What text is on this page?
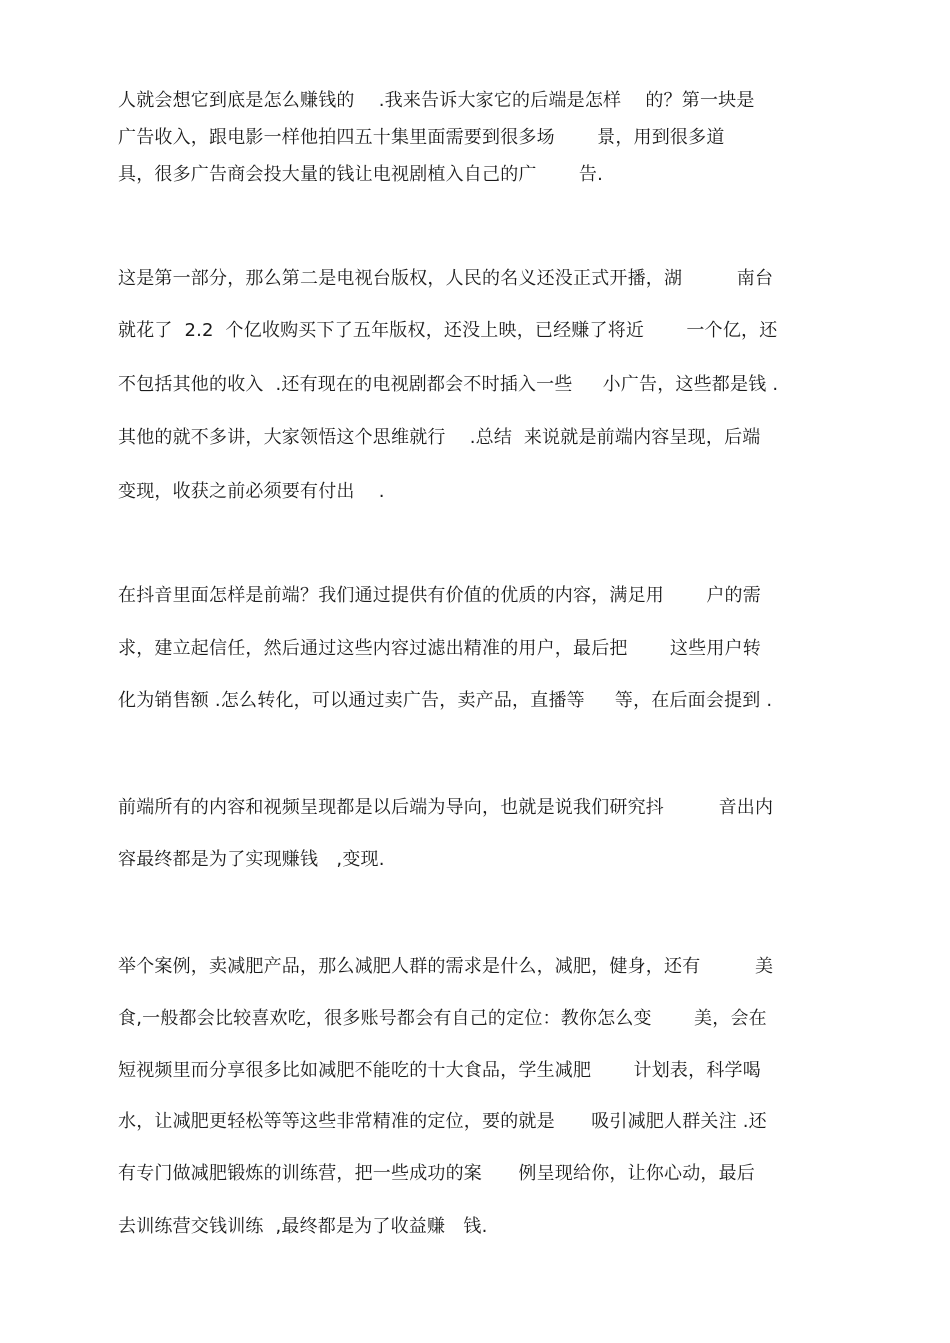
人就会想它到底是怎么赚钱的　 .我来告诉大家它的后端是怎样　 的？第一块是
广告收入，跟电影一样他拍四五十集里面需要到很多场　　 景，用到很多道
具，很多广告商会投大量的钱让电视剧植入自己的广　　 告.
这是第一部分，那么第二是电视台版权，人民的名义还没正式开播，湖　　　南台
就花了  2.2  个亿收购买下了五年版权，还没上映，已经赚了将近　　 一个亿，还
不包括其他的收入  .还有现在的电视剧都会不时插入一些　  小广告，这些都是钱 .
其他的就不多讲，大家领悟这个思维就行　 .总结  来说就是前端内容呈现，后端
变现，收获之前必须要有付出　 .
在抖音里面怎样是前端？我们通过提供有价值的优质的内容，满足用　　 户的需
求，建立起信任，然后通过这些内容过滤出精准的用户，最后把　　 这些用户转
化为销售额 .怎么转化，可以通过卖广告，卖产品，直播等　  等，在后面会提到 .
前端所有的内容和视频呈现都是以后端为导向，也就是说我们研究抖　　　音出内
容最终都是为了实现赚钱　,变现.
举个案例，卖减肥产品，那么减肥人群的需求是什么，减肥，健身，还有　　　美
食,一般都会比较喜欢吃，很多账号都会有自己的定位：教你怎么变　　 美，会在
短视频里而分享很多比如减肥不能吃的十大食品，学生减肥　　 计划表，科学喝
水，让减肥更轻松等等这些非常精准的定位，要的就是　　吸引减肥人群关注 .还
有专门做减肥锻炼的训练营，把一些成功的案　　例呈现给你，让你心动，最后
去训练营交钱训练  ,最终都是为了收益赚　钱.
